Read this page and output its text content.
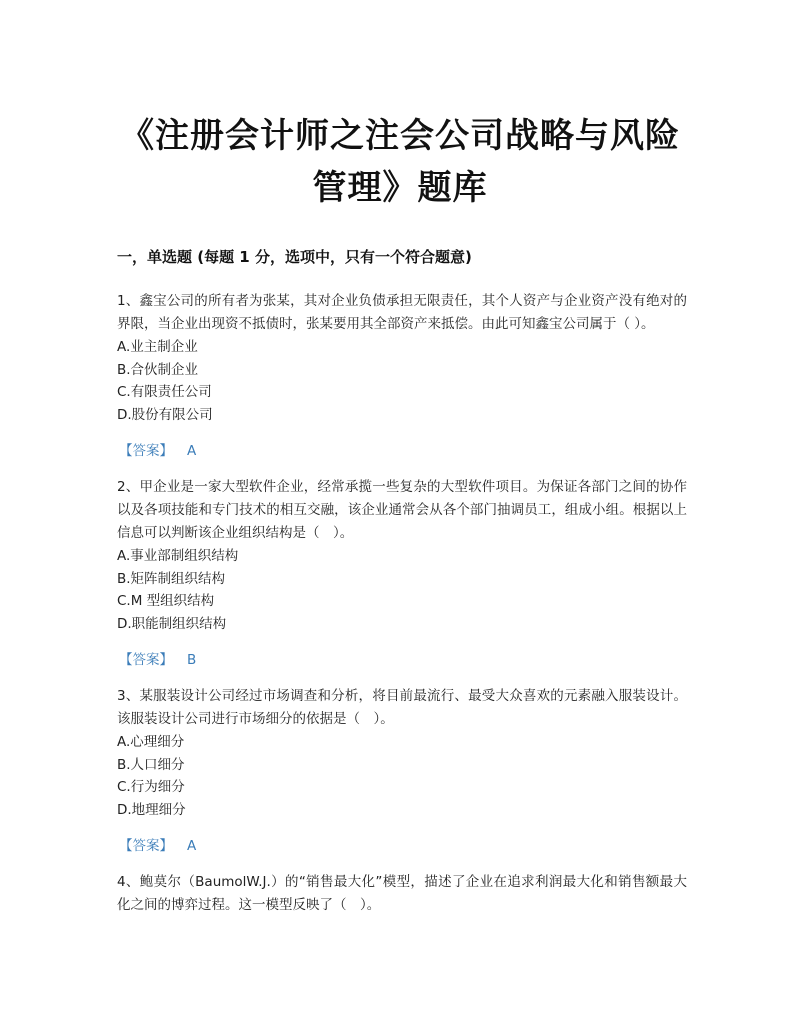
《注册会计师之注会公司战略与风险
管理》题库
一，单选题 (每题 1 分，选项中，只有一个符合题意)

1、鑫宝公司的所有者为张某，其对企业负债承担无限责任，其个人资产与企业资产没有绝对的界限，当企业出现资不抵债时，张某要用其全部资产来抵偿。由此可知鑫宝公司属于（ ）。

A.业主制企业
B.合伙制企业
C.有限责任公司
D.股份有限公司
【答案】 A

2、甲企业是一家大型软件企业，经常承揽一些复杂的大型软件项目。为保证各部门之间的协作以及各项技能和专门技术的相互交融，该企业通常会从各个部门抽调员工，组成小组。根据以上信息可以判断该企业组织结构是（　）。

A.事业部制组织结构
B.矩阵制组织结构
C.M 型组织结构
D.职能制组织结构
【答案】 B

3、某服装设计公司经过市场调查和分析，将目前最流行、最受大众喜欢的元素融入服装设计。该服装设计公司进行市场细分的依据是（　）。

A.心理细分
B.人口细分
C.行为细分
D.地理细分
【答案】 A

4、鲍莫尔（BaumolW.J.）的“销售最大化”模型，描述了企业在追求利润最大化和销售额最大化之间的博弈过程。这一模型反映了（　）。
